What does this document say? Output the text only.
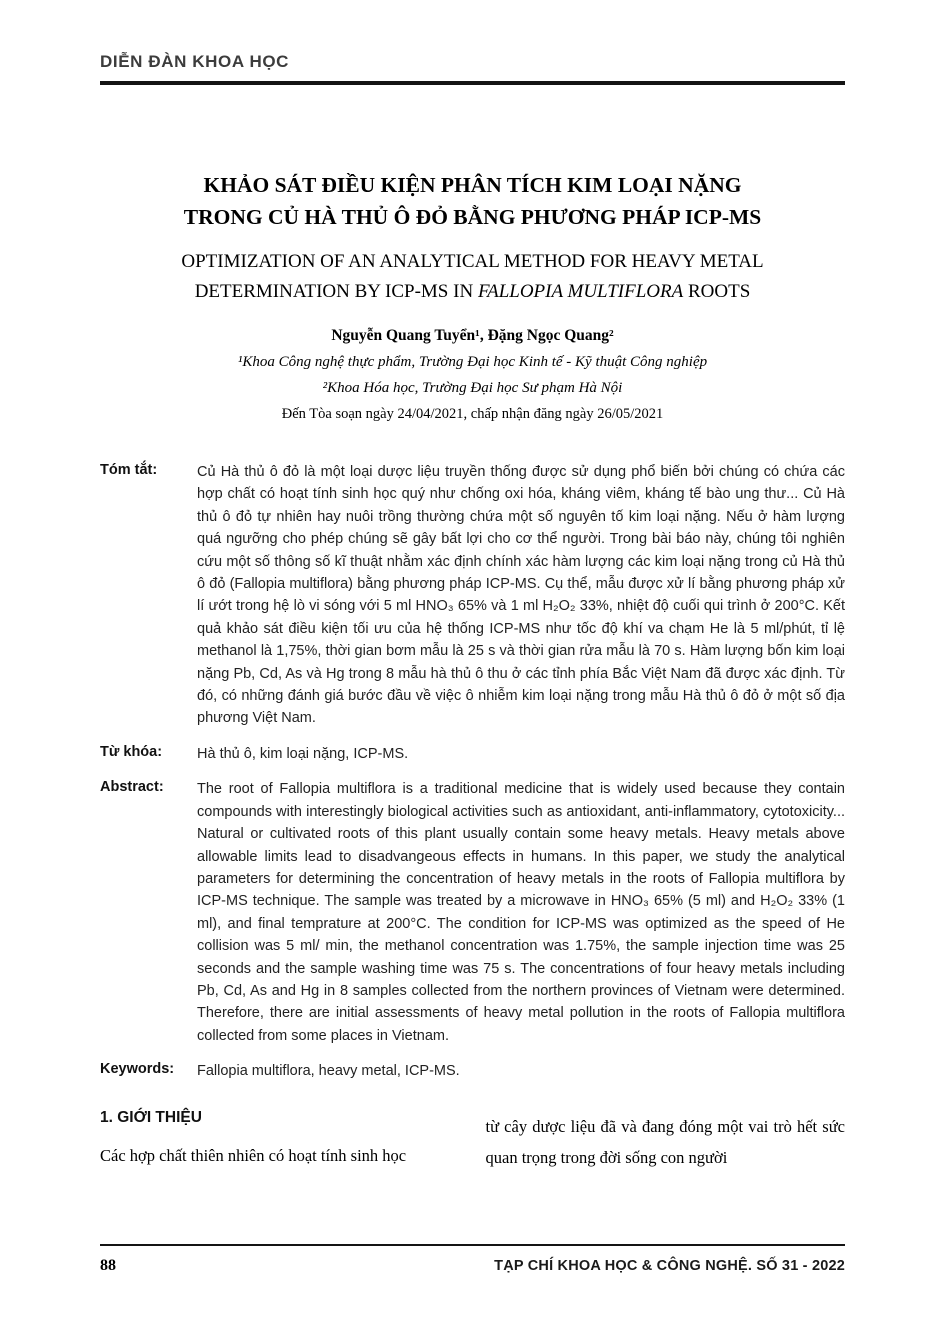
DIỄN ĐÀN KHOA HỌC
KHẢO SÁT ĐIỀU KIỆN PHÂN TÍCH KIM LOẠI NẶNG
TRONG CỦ HÀ THỦ Ô ĐỎ BẰNG PHƯƠNG PHÁP ICP-MS
OPTIMIZATION OF AN ANALYTICAL METHOD FOR HEAVY METAL
DETERMINATION BY ICP-MS IN FALLOPIA MULTIFLORA ROOTS
Nguyễn Quang Tuyển¹, Đặng Ngọc Quang²
¹Khoa Công nghệ thực phẩm, Trường Đại học Kinh tế - Kỹ thuật Công nghiệp
²Khoa Hóa học, Trường Đại học Sư phạm Hà Nội
Đến Tòa soạn ngày 24/04/2021, chấp nhận đăng ngày 26/05/2021
Tóm tắt:	Củ Hà thủ ô đỏ là một loại dược liệu truyền thống được sử dụng phổ biến bởi chúng có chứa các hợp chất có hoạt tính sinh học quý như chống oxi hóa, kháng viêm, kháng tế bào ung thư... Củ Hà thủ ô đỏ tự nhiên hay nuôi trồng thường chứa một số nguyên tố kim loại nặng. Nếu ở hàm lượng quá ngưỡng cho phép chúng sẽ gây bất lợi cho cơ thể người. Trong bài báo này, chúng tôi nghiên cứu một số thông số kĩ thuật nhằm xác định chính xác hàm lượng các kim loại nặng trong củ Hà thủ ô đỏ (Fallopia multiflora) bằng phương pháp ICP-MS. Cụ thể, mẫu được xử lí bằng phương pháp xử lí ướt trong hệ lò vi sóng với 5 ml HNO₃ 65% và 1 ml H₂O₂ 33%, nhiệt độ cuối qui trình ở 200°C. Kết quả khảo sát điều kiện tối ưu của hệ thống ICP-MS như tốc độ khí va chạm He là 5 ml/phút, tỉ lệ methanol là 1,75%, thời gian bơm mẫu là 25 s và thời gian rửa mẫu là 70 s. Hàm lượng bốn kim loại nặng Pb, Cd, As và Hg trong 8 mẫu hà thủ ô thu ở các tỉnh phía Bắc Việt Nam đã được xác định. Từ đó, có những đánh giá bước đầu về việc ô nhiễm kim loại nặng trong mẫu Hà thủ ô đỏ ở một số địa phương Việt Nam.
Từ khóa:	Hà thủ ô, kim loại nặng, ICP-MS.
Abstract:	The root of Fallopia multiflora is a traditional medicine that is widely used because they contain compounds with interestingly biological activities such as antioxidant, anti-inflammatory, cytotoxicity... Natural or cultivated roots of this plant usually contain some heavy metals. Heavy metals above allowable limits lead to disadvangeous effects in humans. In this paper, we study the analytical parameters for determining the concentration of heavy metals in the roots of Fallopia multiflora by ICP-MS technique. The sample was treated by a microwave in HNO₃ 65% (5 ml) and H₂O₂ 33% (1 ml), and final temprature at 200°C. The condition for ICP-MS was optimized as the speed of He collision was 5 ml/ min, the methanol concentration was 1.75%, the sample injection time was 25 seconds and the sample washing time was 75 s. The concentrations of four heavy metals including Pb, Cd, As and Hg in 8 samples collected from the northern provinces of Vietnam were determined. Therefore, there are initial assessments of heavy metal pollution in the roots of Fallopia multiflora collected from some places in Vietnam.
Keywords:	Fallopia multiflora, heavy metal, ICP-MS.
1. GIỚI THIỆU

Các hợp chất thiên nhiên có hoạt tính sinh học

từ cây dược liệu đã và đang đóng một vai trò hết sức quan trọng trong đời sống con người

88	TẠP CHÍ KHOA HỌC & CÔNG NGHỆ. SỐ 31 - 2022
